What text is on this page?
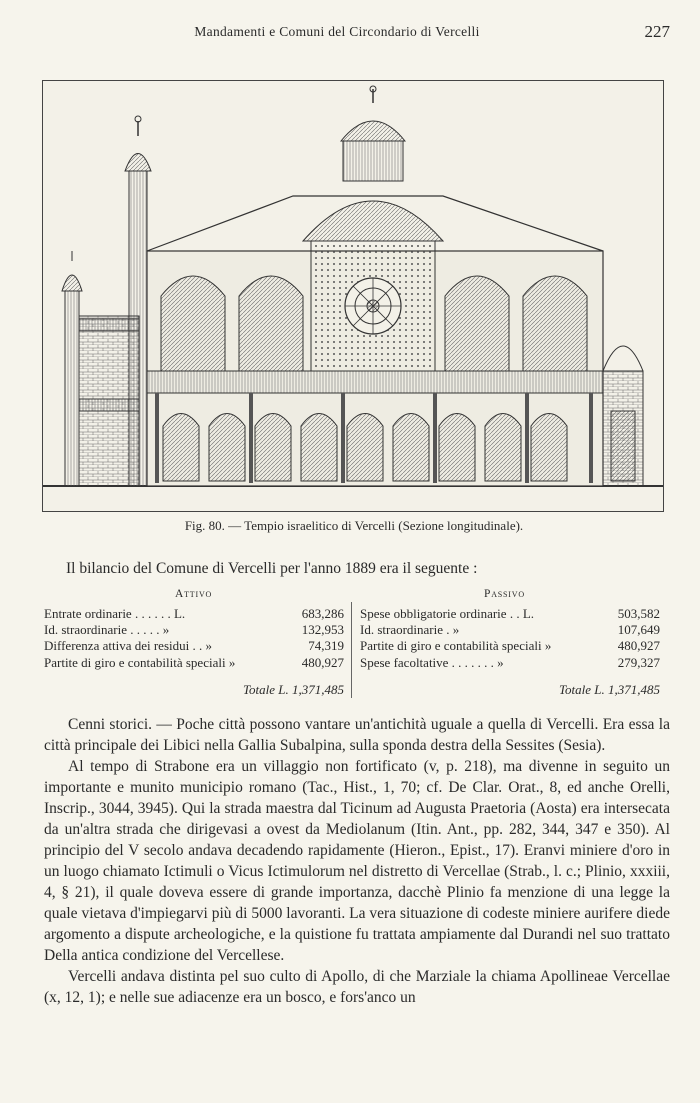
Mandamenti e Comuni del Circondario di Vercelli	227
Fig. 80. — Tempio israelitico di Vercelli (Sezione longitudinale).
Il bilancio del Comune di Vercelli per l'anno 1889 era il seguente :
Attivo	Passivo
Entrate ordinarie . . . . . . L.	683,286
Id. straordinarie . . . . . »	132,953
Differenza attiva dei residui . . »	74,319
Partite di giro e contabilità speciali »	480,927
Spese obbligatorie ordinarie . . L.	503,582
Id. straordinarie . »	107,649
Partite di giro e contabilità speciali »	480,927
Spese facoltative . . . . . . . »	279,327
Totale L. 1,371,485	Totale L. 1,371,485

Cenni storici. — Poche città possono vantare un'antichità uguale a quella di Vercelli. Era essa la città principale dei Libici nella Gallia Subalpina, sulla sponda destra della Sessites (Sesia).

Al tempo di Strabone era un villaggio non fortificato (v, p. 218), ma divenne in seguito un importante e munito municipio romano (Tac., Hist., 1, 70; cf. De Clar. Orat., 8, ed anche Orelli, Inscrip., 3044, 3945). Qui la strada maestra dal Ticinum ad Augusta Praetoria (Aosta) era intersecata da un'altra strada che dirigevasi a ovest da Mediolanum (Itin. Ant., pp. 282, 344, 347 e 350). Al principio del V secolo andava decadendo rapidamente (Hieron., Epist., 17). Eranvi miniere d'oro in un luogo chiamato Ictimuli o Vicus Ictimulorum nel distretto di Vercellae (Strab., l. c.; Plinio, xxxiii, 4, § 21), il quale doveva essere di grande importanza, dacchè Plinio fa menzione di una legge la quale vietava d'impiegarvi più di 5000 lavoranti. La vera situazione di codeste miniere aurifere diede argomento a dispute archeologiche, e la quistione fu trattata ampiamente dal Durandi nel suo trattato Della antica condizione del Vercellese.

Vercelli andava distinta pel suo culto di Apollo, di che Marziale la chiama Apollineae Vercellae (x, 12, 1); e nelle sue adiacenze era un bosco, e fors'anco un
